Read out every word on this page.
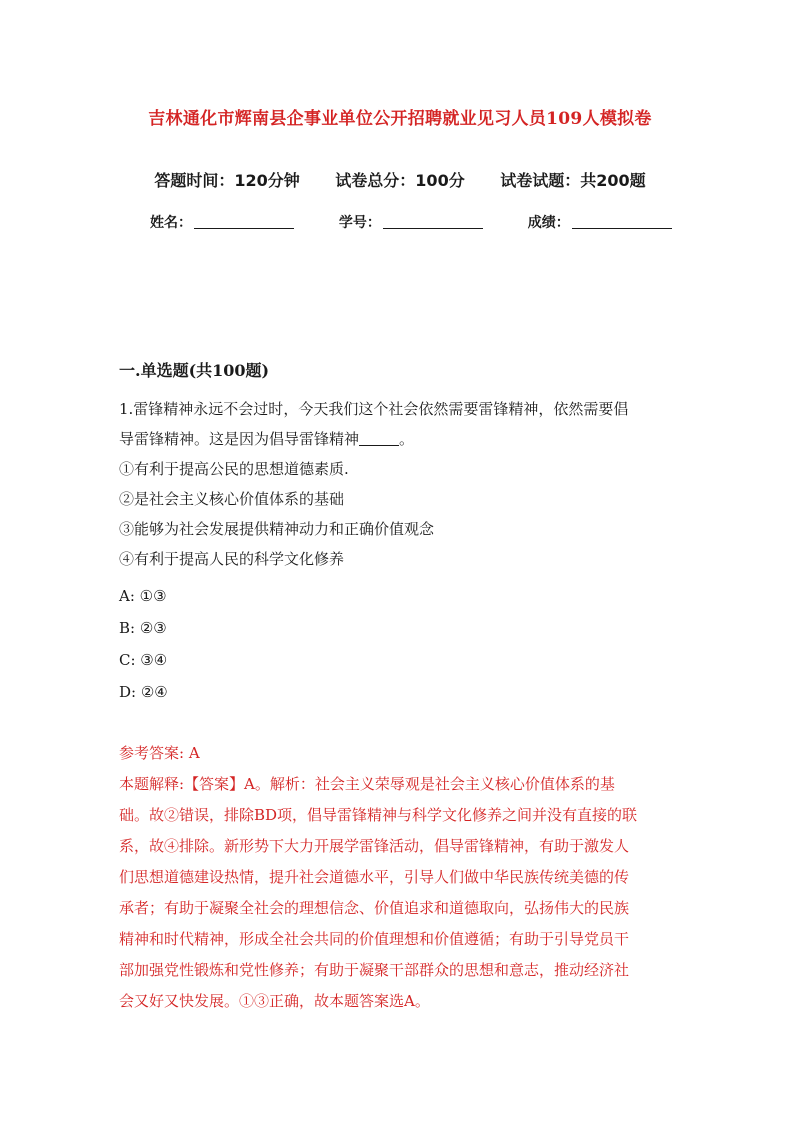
吉林通化市辉南县企事业单位公开招聘就业见习人员109人模拟卷
答题时间：120分钟 试卷总分：100分 试卷试题：共200题
姓名：	学号：	成绩：
一.单选题(共100题)

1.雷锋精神永远不会过时，今天我们这个社会依然需要雷锋精神，依然需要倡

导雷锋精神。这是因为倡导雷锋精神	。

①有利于提高公民的思想道德素质.

②是社会主义核心价值体系的基础

③能够为社会发展提供精神动力和正确价值观念

④有利于提高人民的科学文化修养

A: ①③

B: ②③

C: ③④

D: ②④

参考答案: A

本题解释:【答案】A。解析：社会主义荣辱观是社会主义核心价值体系的基

础。故②错误，排除BD项，倡导雷锋精神与科学文化修养之间并没有直接的联

系，故④排除。新形势下大力开展学雷锋活动，倡导雷锋精神，有助于激发人

们思想道德建设热情，提升社会道德水平，引导人们做中华民族传统美德的传

承者；有助于凝聚全社会的理想信念、价值追求和道德取向，弘扬伟大的民族

精神和时代精神，形成全社会共同的价值理想和价值遵循；有助于引导党员干

部加强党性锻炼和党性修养；有助于凝聚干部群众的思想和意志，推动经济社

会又好又快发展。①③正确，故本题答案选A。
